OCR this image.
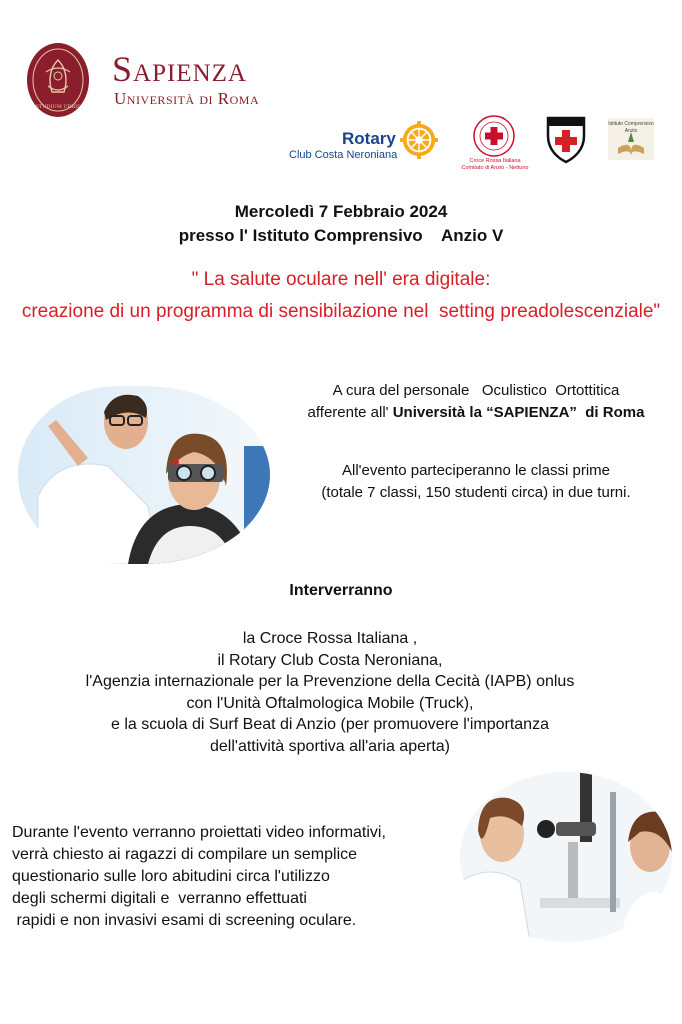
STUDIUM URBIS
Sapienza
Università di Roma
Rotary
Club Costa Neroniana	Croce Rossa Italiana
Comitato di Anzio - Nettuno
Istituto Comprensivo
Anzio
Mercoledì 7 Febbraio 2024
presso l' Istituto Comprensivo    Anzio V
" La salute oculare nell' era digitale:
creazione di un programma di sensibilazione nel  setting preadolescenziale"
A cura del personale   Oculistico  Ortottitica
afferente all' Università la “SAPIENZA”  di Roma
All'evento parteciperanno le classi prime
(totale 7 classi, 150 studenti circa) in due turni.
Interverranno
la Croce Rossa Italiana ,
il Rotary Club Costa Neroniana,
l'Agenzia internazionale per la Prevenzione della Cecità (IAPB) onlus
con l'Unità Oftalmologica Mobile (Truck),
e la scuola di Surf Beat di Anzio (per promuovere l'importanza
dell'attività sportiva all'aria aperta)
Durante l'evento verranno proiettati video informativi,
verrà chiesto ai ragazzi di compilare un semplice
questionario sulle loro abitudini circa l'utilizzo
degli schermi digitali e  verranno effettuati
rapidi e non invasivi esami di screening oculare.
